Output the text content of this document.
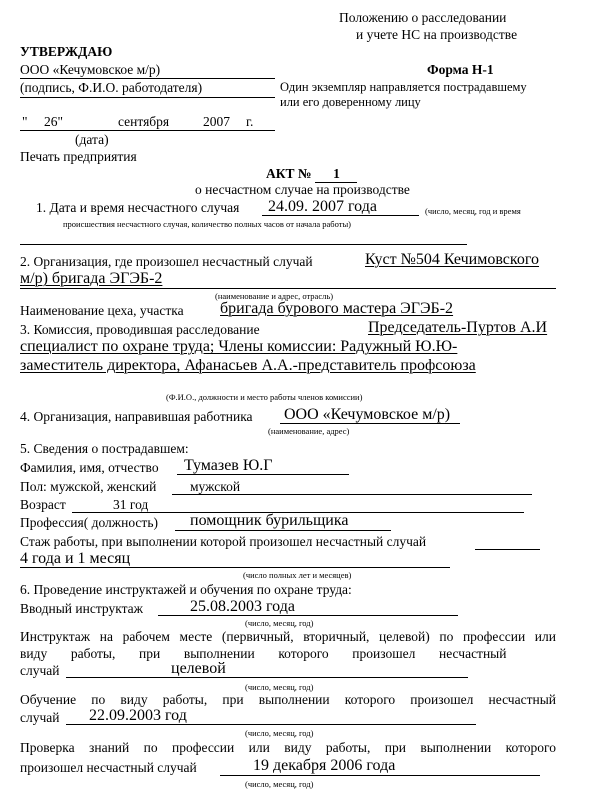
Положению о расследовании
и учете НС на производстве
УТВЕРЖДАЮ
ООО «Кечумовское м/р)
(подпись, Ф.И.О. работодателя)
" 26"	сентября	2007 г.
(дата)
Печать предприятия
Форма Н-1
Один экземпляр направляется пострадавшему
или его доверенному лицу
АКТ № 1
о несчастном случае на производстве
1. Дата и время несчастного случая 24.09. 2007 года	(число, месяц, год и время
происшествия несчастного случая, количество полных часов от начала работы)
2. Организация, где произошел несчастный случай	Куст №504 Кечимовского
м/р) бригада ЭГЭБ-2
(наименование и адрес, отрасль)
Наименование цеха, участка бригада бурового мастера ЭГЭБ-2
3. Комиссия, проводившая расследование	Председатель-Пуртов А.И
специалист по охране труда; Члены комиссии: Радужный Ю.Ю-
заместитель директора, Афанасьев А.А.-представитель профсоюза
(Ф.И.О., должности и место работы членов комиссии)
4. Организация, направившая работника ООО «Кечумовское м/р)
(наименование, адрес)
5. Сведения о пострадавшем:
Фамилия, имя, отчество Тумазев Ю.Г
Пол: мужской, женский мужской
Возраст	31 год
Профессия( должность) помощник бурильщика
Стаж работы, при выполнении которой произошел несчастный случай
4 года и 1 месяц
(число полных лет и месяцев)
6. Проведение инструктажей и обучения по охране труда:
Вводный инструктаж	25.08.2003 года
(число, месяц, год)
Инструктаж на рабочем месте (первичный, вторичный, целевой) по профессии или
виду       работы,       при       выполнении       которого       произошел       несчастный
случай	целевой
(число, месяц, год)
Обучение по виду работы, при выполнении которого произошел несчастный
случай 22.09.2003 год
(число, месяц, год)
Проверка знаний по профессии или виду работы, при выполнении которого
произошел несчастный случай	19 декабря 2006 года
(число, месяц, год)
